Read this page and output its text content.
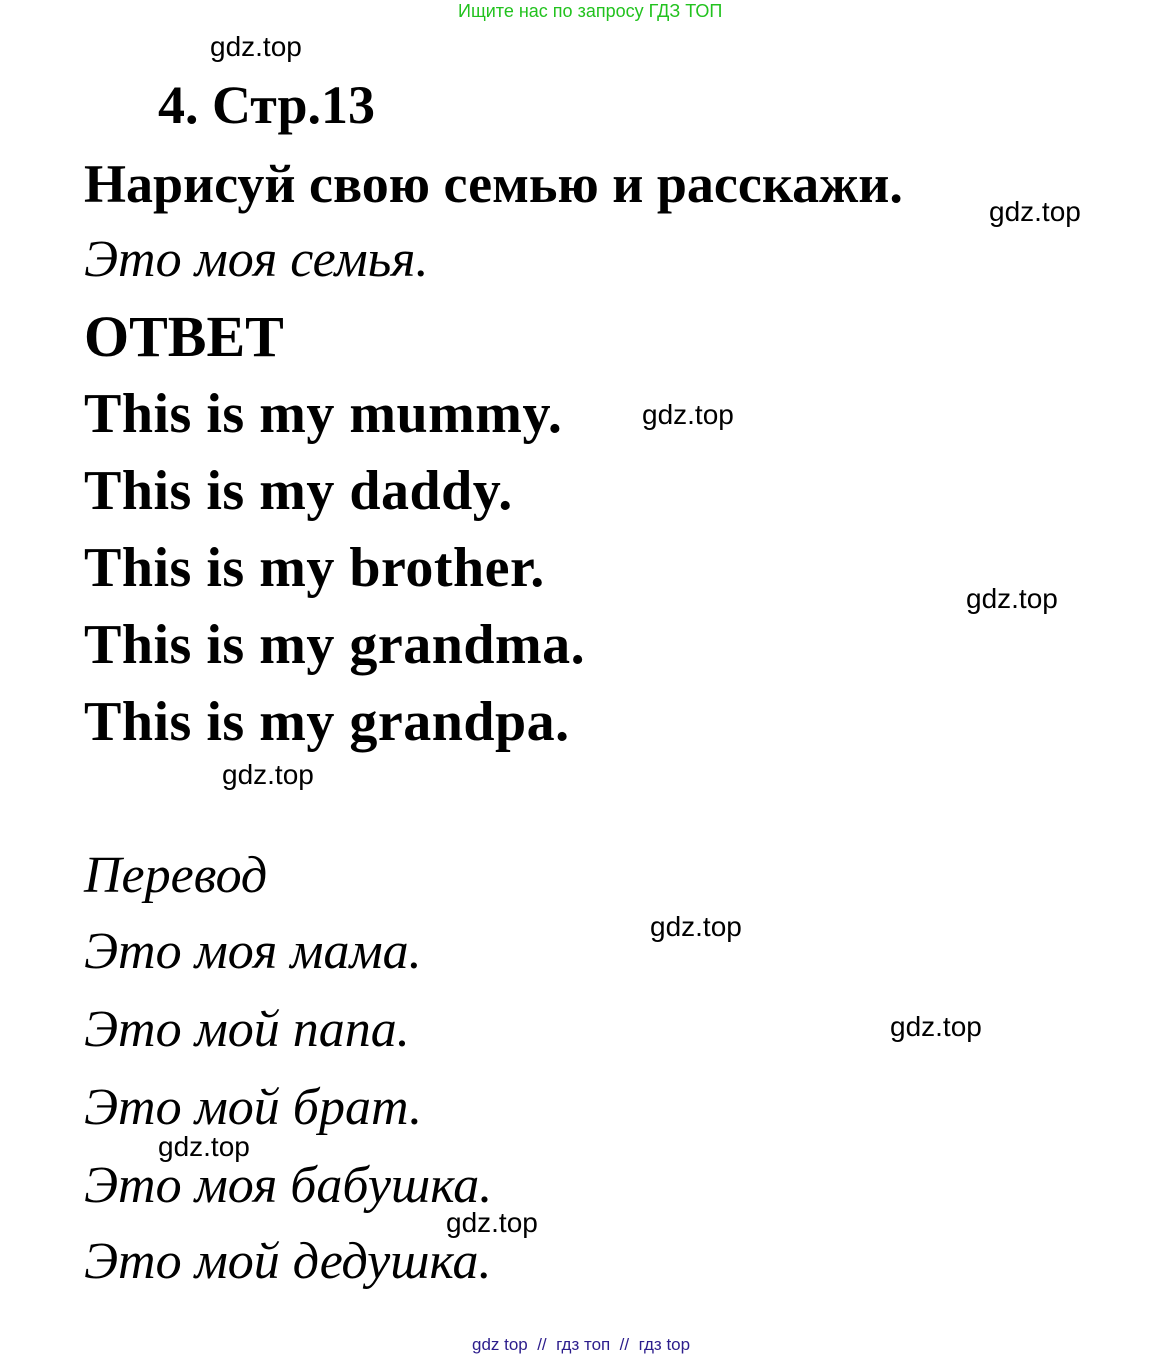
Ищите нас по запросу ГДЗ ТОП
4. Стр.13
Нарисуй свою семью и расскажи.
Это моя семья.
ОТВЕТ
This is my mummy.
This is my daddy.
This is my brother.
This is my grandma.
This is my grandpa.
Перевод
Это моя мама.
Это мой папа.
Это мой брат.
Это моя бабушка.
Это мой дедушка.
gdz.top
gdz.top
gdz.top
gdz.top
gdz.top
gdz.top
gdz.top
gdz.top
gdz.top
gdz top  //  гдз топ  //  гдз top
